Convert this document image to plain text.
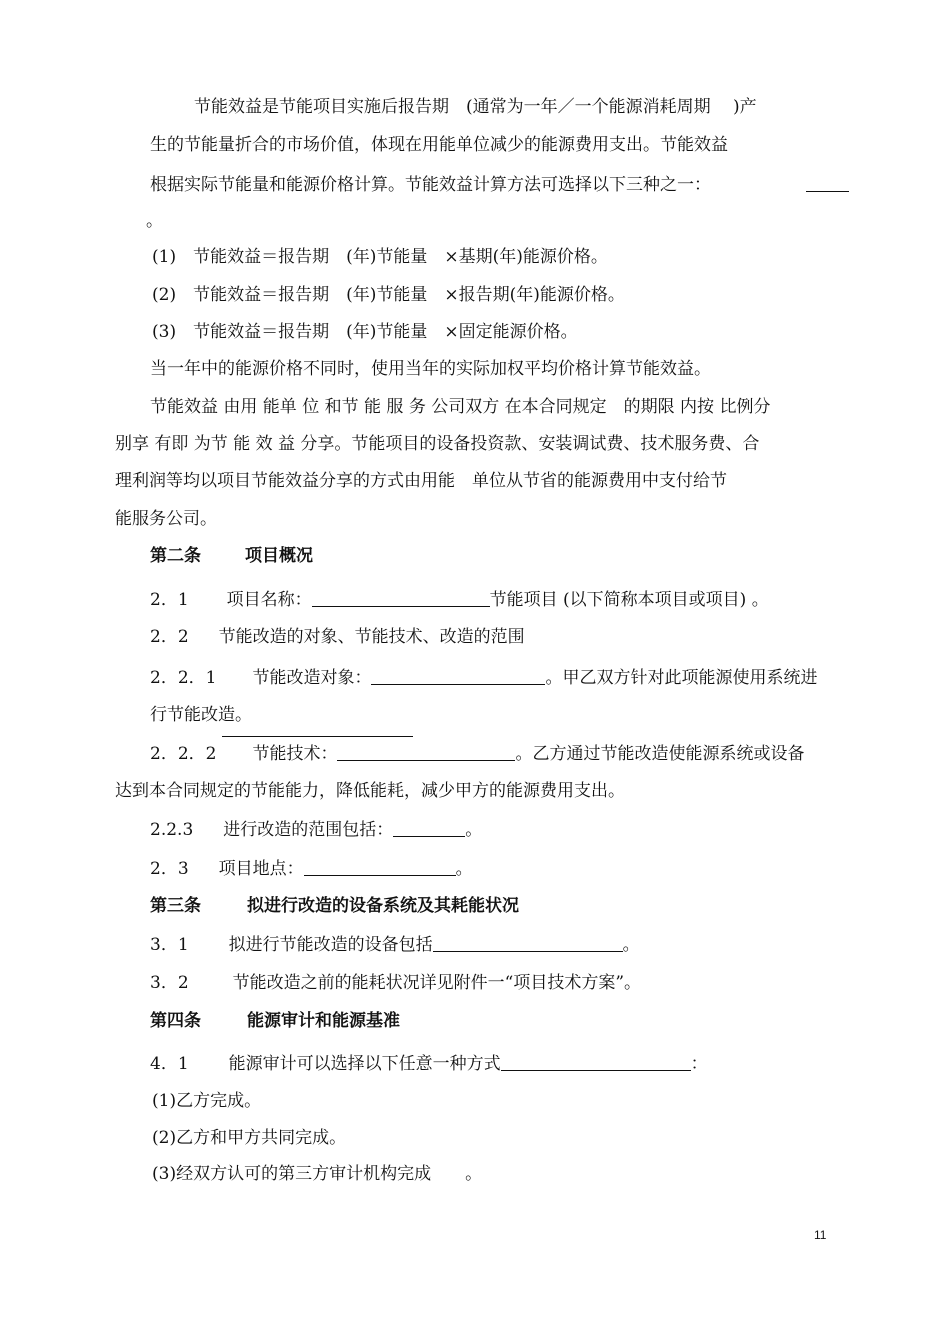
节能效益是节能项目实施后报告期　(通常为一年／一个能源消耗周期　 )产
生的节能量折合的市场价值，体现在用能单位减少的能源费用支出。节能效益
根据实际节能量和能源价格计算。节能效益计算方法可选择以下三种之一：
。
(1)　节能效益＝报告期　(年)节能量　×基期(年)能源价格。
(2)　节能效益＝报告期　(年)节能量　×报告期(年)能源价格。
(3)　节能效益＝报告期　(年)节能量　×固定能源价格。
当一年中的能源价格不同时，使用当年的实际加权平均价格计算节能效益。
节能效益 由用 能单 位 和节 能 服 务 公司双方 在本合同规定　的期限 内按 比例分
别享 有即 为节 能 效 益 分享。节能项目的设备投资款、安装调试费、技术服务费、合
理利润等均以项目节能效益分享的方式由用能　单位从节省的能源费用中支付给节
能服务公司。
第二条	项目概况
2．1 项目名称：	节能项目 (以下简称本项目或项目) 。
2．2 节能改造的对象、节能技术、改造的范围
2．2．1 节能改造对象：	。甲乙双方针对此项能源使用系统进
行节能改造。
2．2．2 节能技术：	。乙方通过节能改造使能源系统或设备
达到本合同规定的节能能力，降低能耗，减少甲方的能源费用支出。
2.2.3 进行改造的范围包括：	。
2．3 项目地点：	。
第三条	拟进行改造的设备系统及其耗能状况
3．1 拟进行节能改造的设备包括	。
3．2	节能改造之前的能耗状况详见附件一“项目技术方案”。
第四条	能源审计和能源基准
4．1 能源审计可以选择以下任意一种方式	：
(1)乙方完成。
(2)乙方和甲方共同完成。
(3)经双方认可的第三方审计机构完成　　。
11
